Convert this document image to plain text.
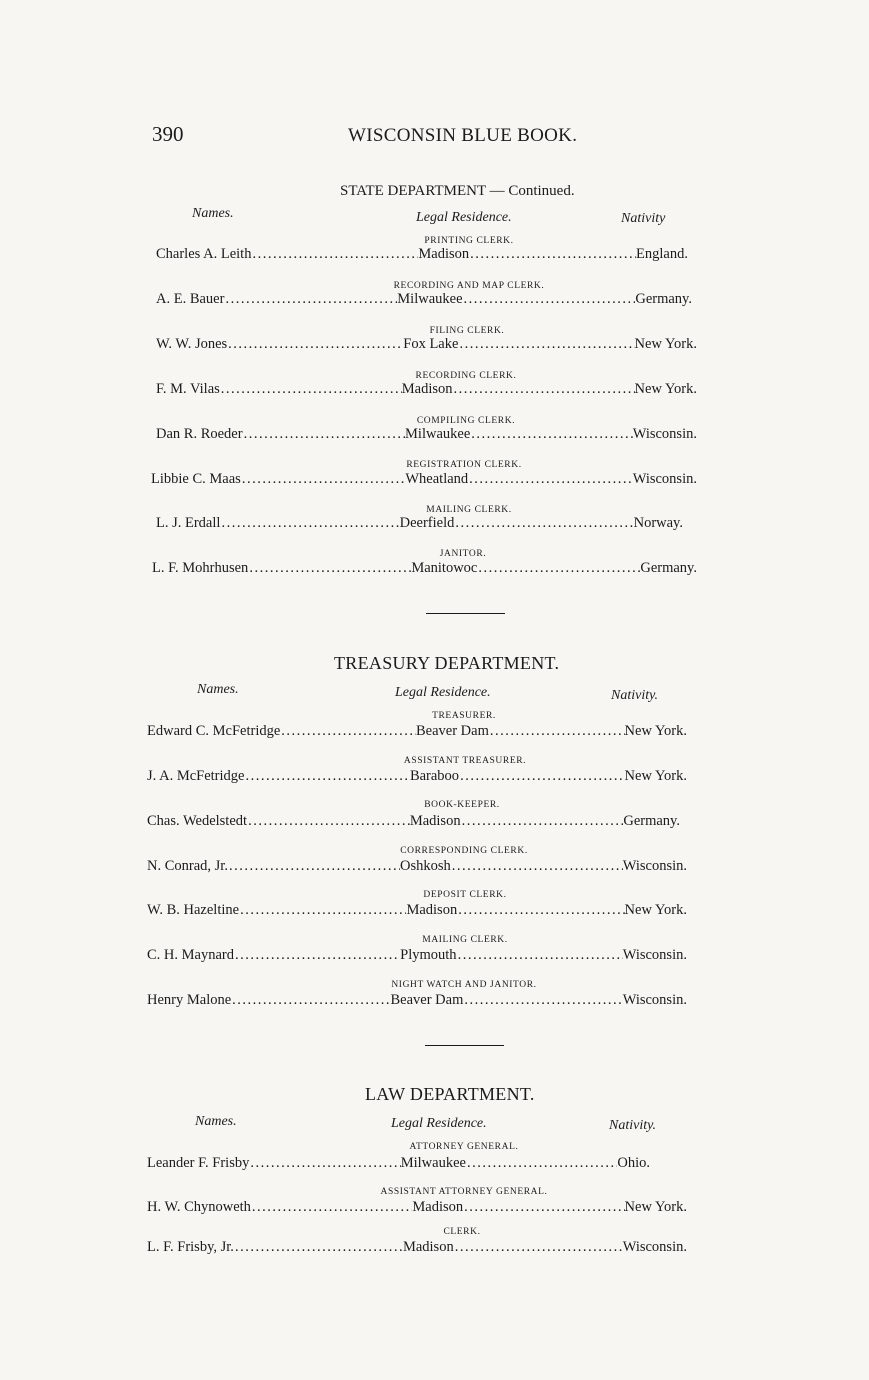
390	WISCONSIN BLUE BOOK.
STATE DEPARTMENT — Continued.
Names.	Legal Residence.	Nativity
PRINTING CLERK.
Charles A. Leith .....	Madison .....	England.
RECORDING AND MAP CLERK.
A. E. Bauer .....	Milwaukee .....	Germany.
FILING CLERK.
W. W. Jones .....	Fox Lake .....	New York.
RECORDING CLERK.
F. M. Vilas .....	Madison .....	New York.
COMPILING CLERK.
Dan R. Roeder .....	Milwaukee .....	Wisconsin.
REGISTRATION CLERK.
Libbie C. Maas .....	Wheatland .....	Wisconsin.
MAILING CLERK.
L. J. Erdall .....	Deerfield .....	Norway.
JANITOR.
L. F. Mohrhusen .....	Manitowoc .....	Germany.
TREASURY DEPARTMENT.
Names.	Legal Residence.	Nativity.
TREASURER.
Edward C. McFetridge .....	Beaver Dam .....	New York.
ASSISTANT TREASURER.
J. A. McFetridge .....	Baraboo .....	New York.
BOOK-KEEPER.
Chas. Wedelstedt .....	Madison .....	Germany.
CORRESPONDING CLERK.
N. Conrad, Jr. .....	Oshkosh .....	Wisconsin.
DEPOSIT CLERK.
W. B. Hazeltine .....	Madison .....	New York.
MAILING CLERK.
C. H. Maynard .....	Plymouth .....	Wisconsin.
NIGHT WATCH AND JANITOR.
Henry Malone .....	Beaver Dam .....	Wisconsin.
LAW DEPARTMENT.
Names.	Legal Residence.	Nativity.
ATTORNEY GENERAL.
Leander F. Frisby .....	Milwaukee .....	Ohio.
ASSISTANT ATTORNEY GENERAL.
H. W. Chynoweth .....	Madison .....	New York.
CLERK.
L. F. Frisby, Jr. .....	Madison .....	Wisconsin.
